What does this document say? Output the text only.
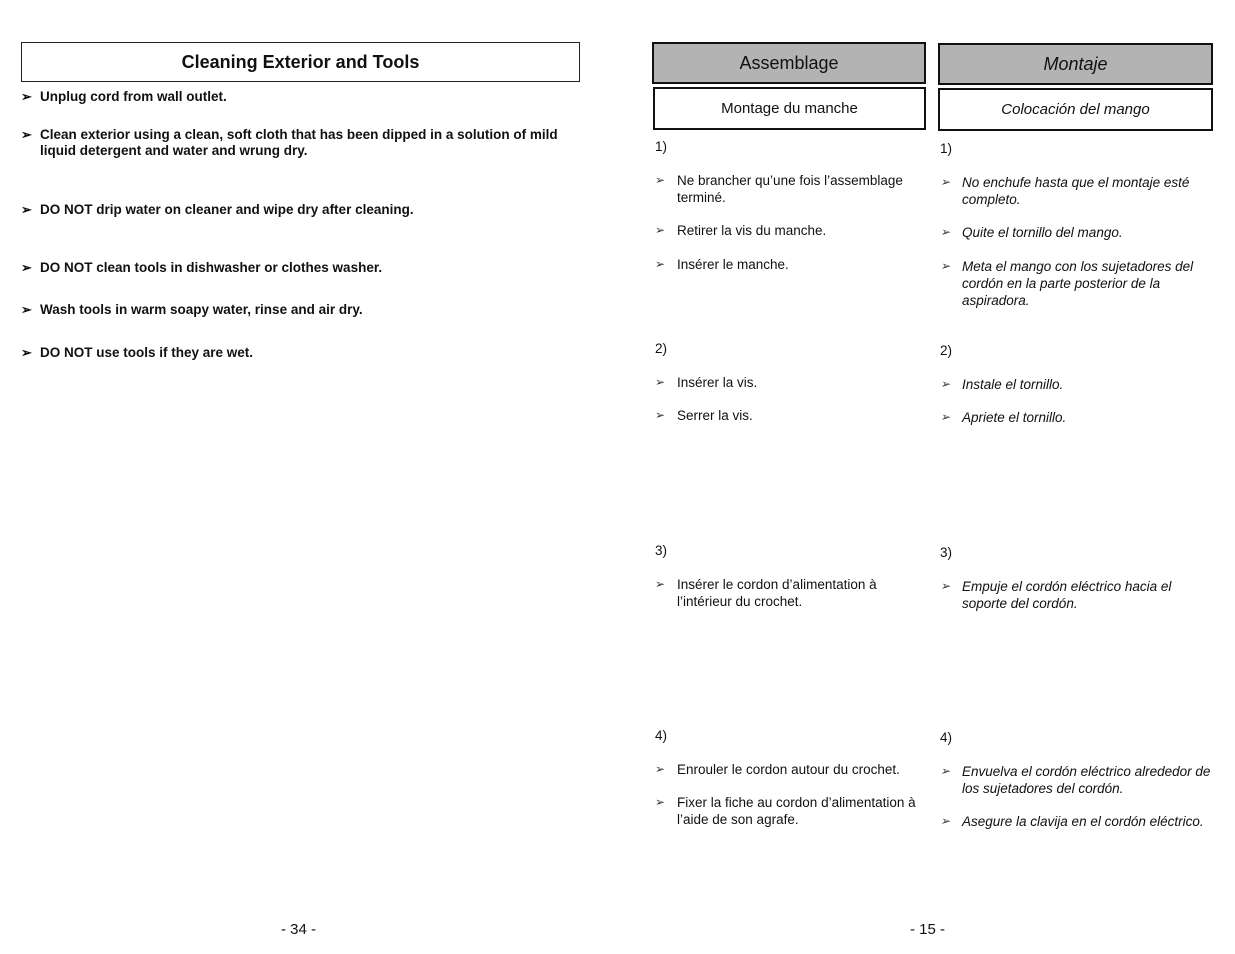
Cleaning Exterior and Tools
➢ Unplug cord from wall outlet.
➢ Clean exterior using a clean, soft cloth that has been dipped in a solution of mild liquid detergent and water and wrung dry.
➢ DO NOT drip water on cleaner and wipe dry after cleaning.
➢ DO NOT clean tools in dishwasher or clothes washer.
➢ Wash tools in warm soapy water, rinse and air dry.
➢ DO NOT use tools if they are wet.
- 34 -
Assemblage
Montage du manche
1)
➢ Ne brancher qu’une fois l’assemblage terminé.
➢ Retirer la vis du manche.
➢ Insérer le manche.
2)
➢ Insérer la vis.
➢ Serrer la vis.
3)
➢ Insérer le cordon d’alimentation à l’intérieur du crochet.
4)
➢ Enrouler le cordon autour du crochet.
➢ Fixer la fiche au cordon d’alimentation à l’aide de son agrafe.
Montaje
Colocación del mango
1)
➢ No enchufe hasta que el montaje esté completo.
➢ Quite el tornillo del mango.
➢ Meta el mango con los sujetadores del cordón en la parte posterior de la aspiradora.
2)
➢ Instale el tornillo.
➢ Apriete el tornillo.
3)
➢ Empuje el cordón eléctrico hacia el soporte del cordón.
4)
➢ Envuelva el cordón eléctrico alrededor de los sujetadores del cordón.
➢ Asegure la clavija en el cordón eléctrico.
- 15 -
